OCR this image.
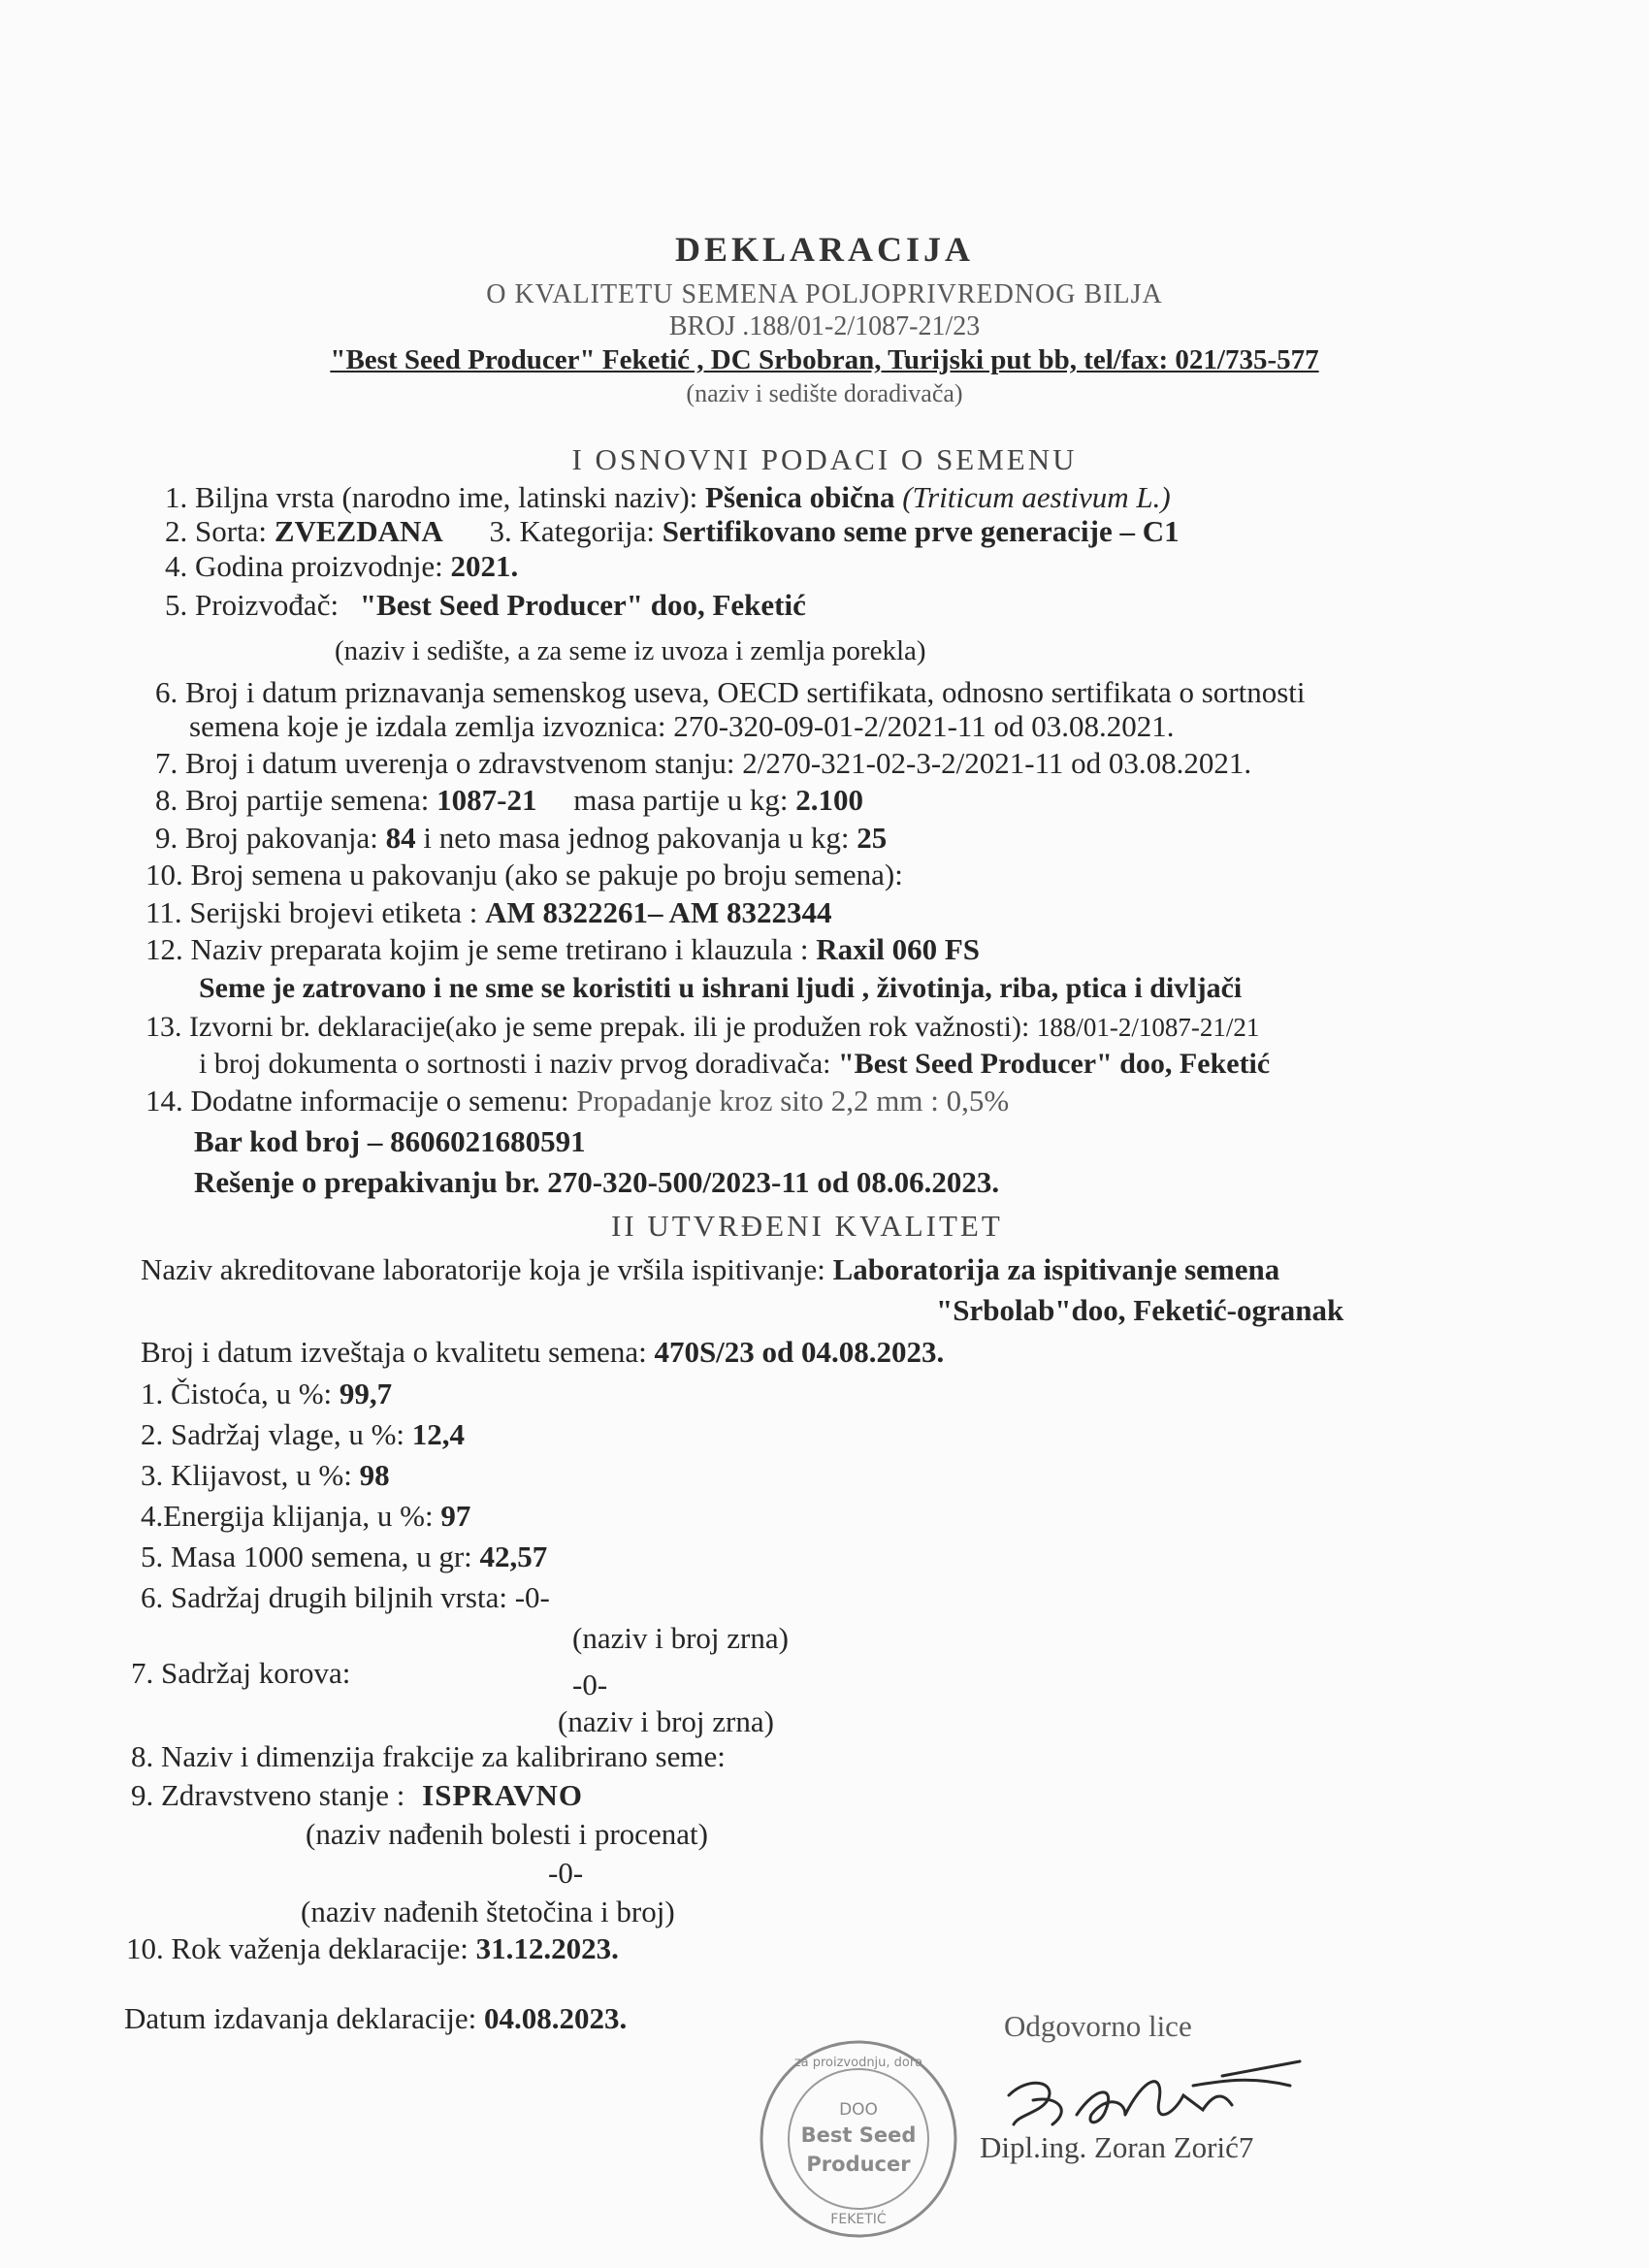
DEKLARACIJA
O KVALITETU SEMENA POLJOPRIVREDNOG BILJA
BROJ .188/01-2/1087-21/23
"Best Seed Producer" Feketić , DC Srbobran, Turijski put bb, tel/fax: 021/735-577
(naziv i sedište doradivača)
I OSNOVNI PODACI O SEMENU
1. Biljna vrsta (narodno ime, latinski naziv): Pšenica obična (Triticum aestivum L.)
2. Sorta: ZVEZDANA 3. Kategorija: Sertifikovano seme prve generacije – C1
4. Godina proizvodnje: 2021.
5. Proizvođač: "Best Seed Producer" doo, Feketić
(naziv i sedište, a za seme iz uvoza i zemlja porekla)
6. Broj i datum priznavanja semenskog useva, OECD sertifikata, odnosno sertifikata o sortnosti
semena koje je izdala zemlja izvoznica: 270-320-09-01-2/2021-11 od 03.08.2021.
7. Broj i datum uverenja o zdravstvenom stanju: 2/270-321-02-3-2/2021-11 od 03.08.2021.
8. Broj partije semena: 1087-21 masa partije u kg: 2.100
9. Broj pakovanja: 84 i neto masa jednog pakovanja u kg: 25
10. Broj semena u pakovanju (ako se pakuje po broju semena):
11. Serijski brojevi etiketa : AM 8322261– AM 8322344
12. Naziv preparata kojim je seme tretirano i klauzula : Raxil 060 FS
Seme je zatrovano i ne sme se koristiti u ishrani ljudi , životinja, riba, ptica i divljači
13. Izvorni br. deklaracije(ako je seme prepak. ili je produžen rok važnosti): 188/01-2/1087-21/21
i broj dokumenta o sortnosti i naziv prvog doradivača: "Best Seed Producer" doo, Feketić
14. Dodatne informacije o semenu: Propadanje kroz sito 2,2 mm : 0,5%
Bar kod broj – 8606021680591
Rešenje o prepakivanju br. 270-320-500/2023-11 od 08.06.2023.
II UTVRĐENI KVALITET
Naziv akreditovane laboratorije koja je vršila ispitivanje: Laboratorija za ispitivanje semena
"Srbolab"doo, Feketić-ogranak
Broj i datum izveštaja o kvalitetu semena: 470S/23 od 04.08.2023.
1. Čistoća, u %: 99,7
2. Sadržaj vlage, u %: 12,4
3. Klijavost, u %: 98
4.Energija klijanja, u %: 97
5. Masa 1000 semena, u gr: 42,57
6. Sadržaj drugih biljnih vrsta: -0-
(naziv i broj zrna)
7. Sadržaj korova:	-0-
(naziv i broj zrna)
8. Naziv i dimenzija frakcije za kalibrirano seme:
9. Zdravstveno stanje : ISPRAVNO
(naziv nađenih bolesti i procenat)
-0-
(naziv nađenih štetočina i broj)
10. Rok važenja deklaracije: 31.12.2023.
Datum izdavanja deklaracije: 04.08.2023.	Odgovorno lice
Dipl.ing. Zoran Zorić7
za proizvodnju, dora
DOO
Best Seed
Producer
FEKETIĆ
